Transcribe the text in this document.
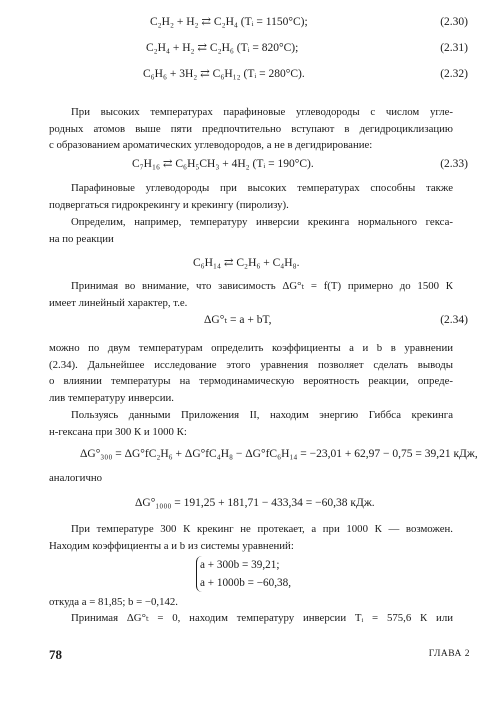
C₂H₂ + H₂ ⇄ C₂H₄ (Tᵢ = 1150°C);	(2.30)
C₂H₄ + H₂ ⇄ C₂H₆ (Tᵢ = 820°C);	(2.31)
C₆H₆ + 3H₂ ⇄ C₆H₁₂ (Tᵢ = 280°C).	(2.32)
При высоких температурах парафиновые углеводороды с числом угле-
родных атомов выше пяти предпочтительно вступают в дегидроциклизацию
с образованием ароматических углеводородов, а не в дегидрирование:
C₇H₁₆ ⇄ C₆H₅CH₃ + 4H₂ (Tᵢ = 190°C).	(2.33)
Парафиновые углеводороды при высоких температурах способны также
подвергаться гидрокрекингу и крекингу (пиролизу).
Определим, например, температуру инверсии крекинга нормального гекса-
на по реакции
C₆H₁₄ ⇄ C₂H₆ + C₄H₈.
Принимая во внимание, что зависимость ΔG°ₜ = f(T) примерно до 1500 К
имеет линейный характер, т.е.
ΔG°ₜ = a + bT,	(2.34)
можно по двум температурам определить коэффициенты a и b в уравнении
(2.34). Дальнейшее исследование этого уравнения позволяет сделать выводы
о влиянии температуры на термодинамическую вероятность реакции, опреде-
лив температуру инверсии.
Пользуясь данными Приложения II, находим энергию Гиббса крекинга
н-гексана при 300 К и 1000 К:
ΔG°₃₀₀ = ΔG°fC₂H₆ + ΔG°fC₄H₈ − ΔG°fC₆H₁₄ = −23,01 + 62,97 − 0,75 = 39,21 кДж,
аналогично
ΔG°₁₀₀₀ = 191,25 + 181,71 − 433,34 = −60,38 кДж.
При температуре 300 К крекинг не протекает, а при 1000 К — возможен.
Находим коэффициенты a и b из системы уравнений:
a + 300b = 39,21;
a + 1000b = −60,38,
откуда a = 81,85; b = −0,142.
Принимая ΔG°ₜ = 0, находим температуру инверсии Tᵢ = 575,6 К или
78	ГЛАВА 2
